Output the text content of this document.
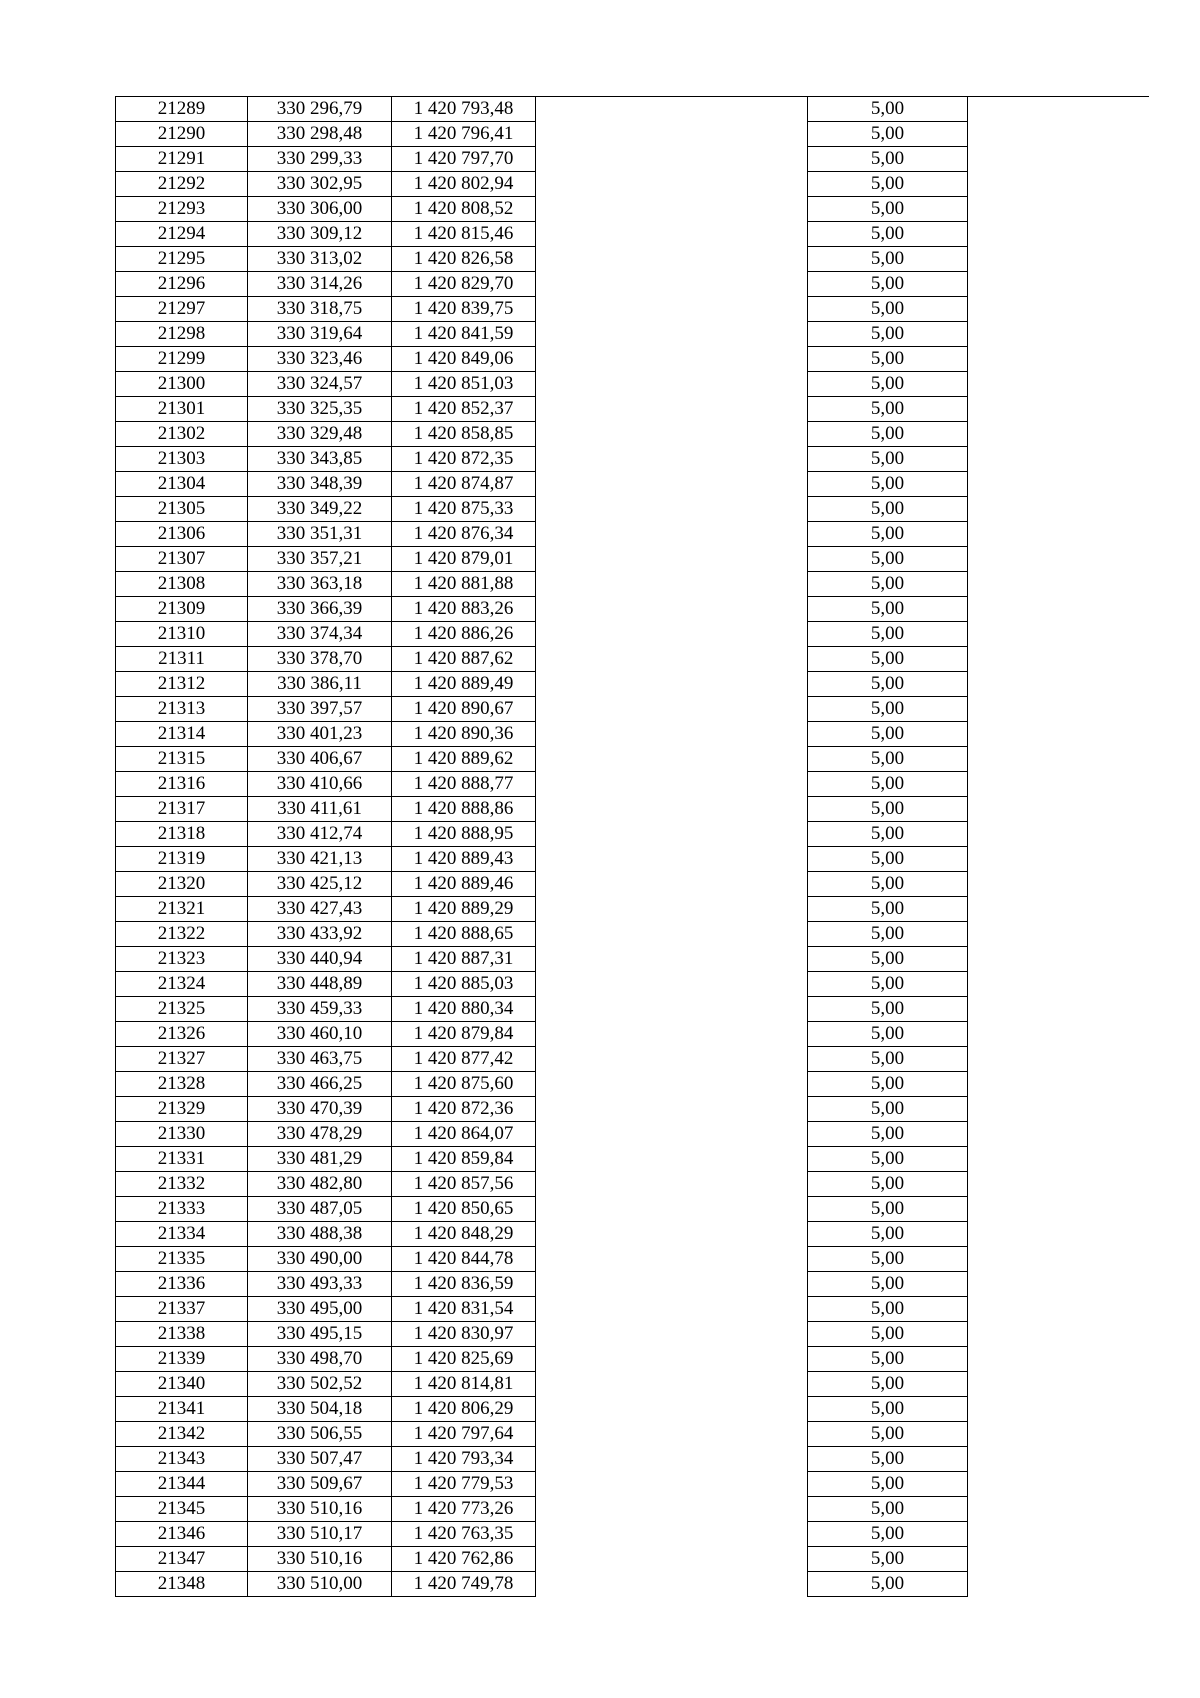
21289	330 296,79	1 420 793,48		5,00	
21290	330 298,48	1 420 796,41		5,00	
21291	330 299,33	1 420 797,70		5,00	
21292	330 302,95	1 420 802,94		5,00	
21293	330 306,00	1 420 808,52		5,00	
21294	330 309,12	1 420 815,46		5,00	
21295	330 313,02	1 420 826,58		5,00	
21296	330 314,26	1 420 829,70		5,00	
21297	330 318,75	1 420 839,75		5,00	
21298	330 319,64	1 420 841,59		5,00	
21299	330 323,46	1 420 849,06		5,00	
21300	330 324,57	1 420 851,03		5,00	
21301	330 325,35	1 420 852,37		5,00	
21302	330 329,48	1 420 858,85		5,00	
21303	330 343,85	1 420 872,35		5,00	
21304	330 348,39	1 420 874,87		5,00	
21305	330 349,22	1 420 875,33		5,00	
21306	330 351,31	1 420 876,34		5,00	
21307	330 357,21	1 420 879,01		5,00	
21308	330 363,18	1 420 881,88		5,00	
21309	330 366,39	1 420 883,26		5,00	
21310	330 374,34	1 420 886,26		5,00	
21311	330 378,70	1 420 887,62		5,00	
21312	330 386,11	1 420 889,49		5,00	
21313	330 397,57	1 420 890,67		5,00	
21314	330 401,23	1 420 890,36		5,00	
21315	330 406,67	1 420 889,62		5,00	
21316	330 410,66	1 420 888,77		5,00	
21317	330 411,61	1 420 888,86		5,00	
21318	330 412,74	1 420 888,95		5,00	
21319	330 421,13	1 420 889,43		5,00	
21320	330 425,12	1 420 889,46		5,00	
21321	330 427,43	1 420 889,29		5,00	
21322	330 433,92	1 420 888,65		5,00	
21323	330 440,94	1 420 887,31		5,00	
21324	330 448,89	1 420 885,03		5,00	
21325	330 459,33	1 420 880,34		5,00	
21326	330 460,10	1 420 879,84		5,00	
21327	330 463,75	1 420 877,42		5,00	
21328	330 466,25	1 420 875,60		5,00	
21329	330 470,39	1 420 872,36		5,00	
21330	330 478,29	1 420 864,07		5,00	
21331	330 481,29	1 420 859,84		5,00	
21332	330 482,80	1 420 857,56		5,00	
21333	330 487,05	1 420 850,65		5,00	
21334	330 488,38	1 420 848,29		5,00	
21335	330 490,00	1 420 844,78		5,00	
21336	330 493,33	1 420 836,59		5,00	
21337	330 495,00	1 420 831,54		5,00	
21338	330 495,15	1 420 830,97		5,00	
21339	330 498,70	1 420 825,69		5,00	
21340	330 502,52	1 420 814,81		5,00	
21341	330 504,18	1 420 806,29		5,00	
21342	330 506,55	1 420 797,64		5,00	
21343	330 507,47	1 420 793,34		5,00	
21344	330 509,67	1 420 779,53		5,00	
21345	330 510,16	1 420 773,26		5,00	
21346	330 510,17	1 420 763,35		5,00	
21347	330 510,16	1 420 762,86		5,00	
21348	330 510,00	1 420 749,78		5,00	
